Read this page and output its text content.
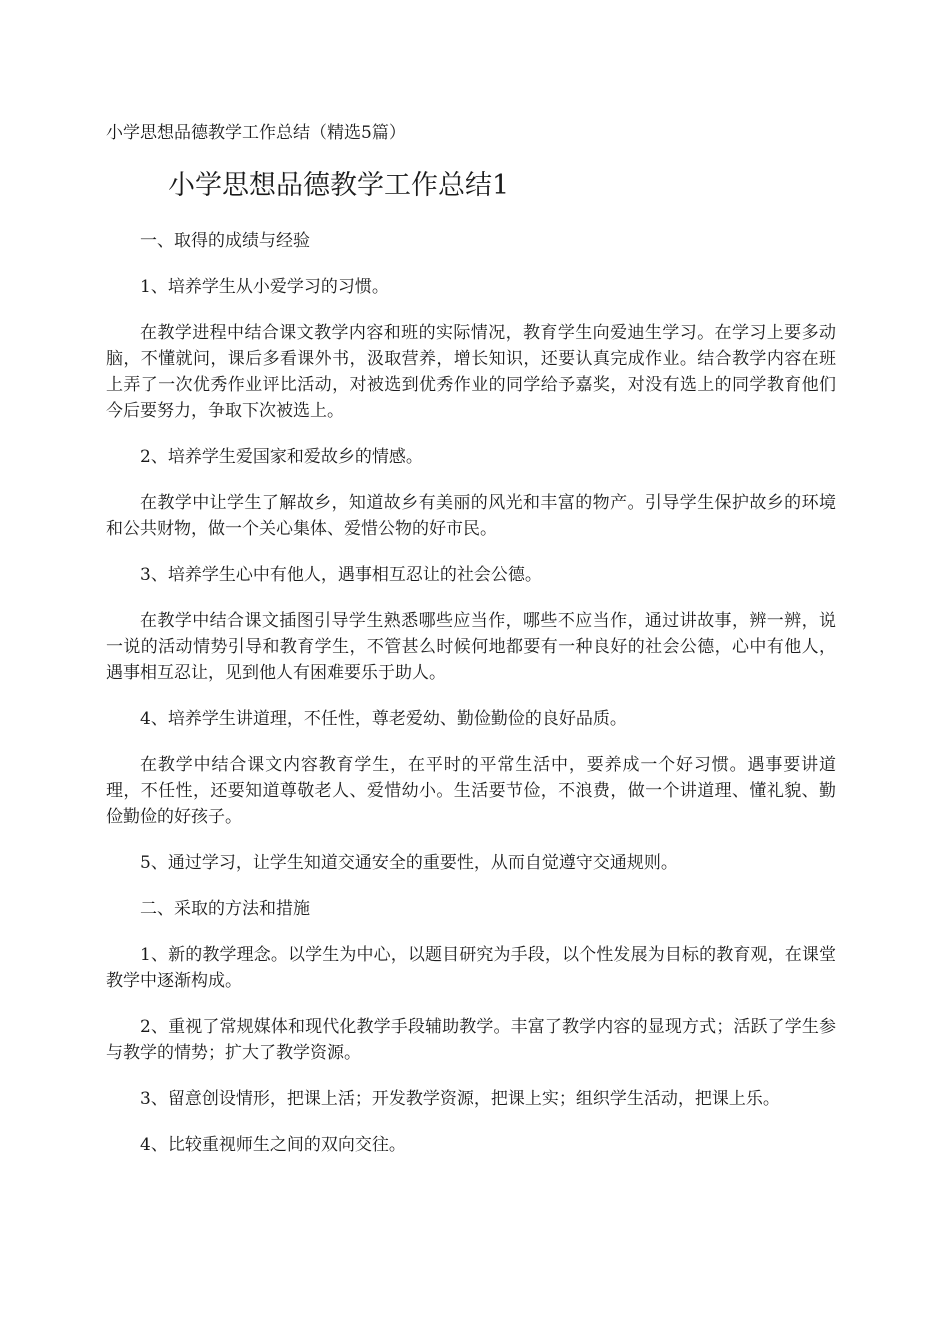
小学思想品德教学工作总结（精选5篇）
小学思想品德教学工作总结1

一、取得的成绩与经验

1、培养学生从小爱学习的习惯。

在教学进程中结合课文教学内容和班的实际情况，教育学生向爱迪生学习。在学习上要多动脑，不懂就问，课后多看课外书，汲取营养，增长知识，还要认真完成作业。结合教学内容在班上弄了一次优秀作业评比活动，对被选到优秀作业的同学给予嘉奖，对没有选上的同学教育他们今后要努力，争取下次被选上。

2、培养学生爱国家和爱故乡的情感。

在教学中让学生了解故乡，知道故乡有美丽的风光和丰富的物产。引导学生保护故乡的环境和公共财物，做一个关心集体、爱惜公物的好市民。

3、培养学生心中有他人，遇事相互忍让的社会公德。

在教学中结合课文插图引导学生熟悉哪些应当作，哪些不应当作，通过讲故事，辨一辨，说一说的活动情势引导和教育学生，不管甚么时候何地都要有一种良好的社会公德，心中有他人，遇事相互忍让，见到他人有困难要乐于助人。

4、培养学生讲道理，不任性，尊老爱幼、勤俭勤俭的良好品质。

在教学中结合课文内容教育学生，在平时的平常生活中，要养成一个好习惯。遇事要讲道理，不任性，还要知道尊敬老人、爱惜幼小。生活要节俭，不浪费，做一个讲道理、懂礼貌、勤俭勤俭的好孩子。

5、通过学习，让学生知道交通安全的重要性，从而自觉遵守交通规则。

二、采取的方法和措施

1、新的教学理念。以学生为中心，以题目研究为手段，以个性发展为目标的教育观，在课堂教学中逐渐构成。

2、重视了常规媒体和现代化教学手段辅助教学。丰富了教学内容的显现方式；活跃了学生参与教学的情势；扩大了教学资源。

3、留意创设情形，把课上活；开发教学资源，把课上实；组织学生活动，把课上乐。

4、比较重视师生之间的双向交往。
